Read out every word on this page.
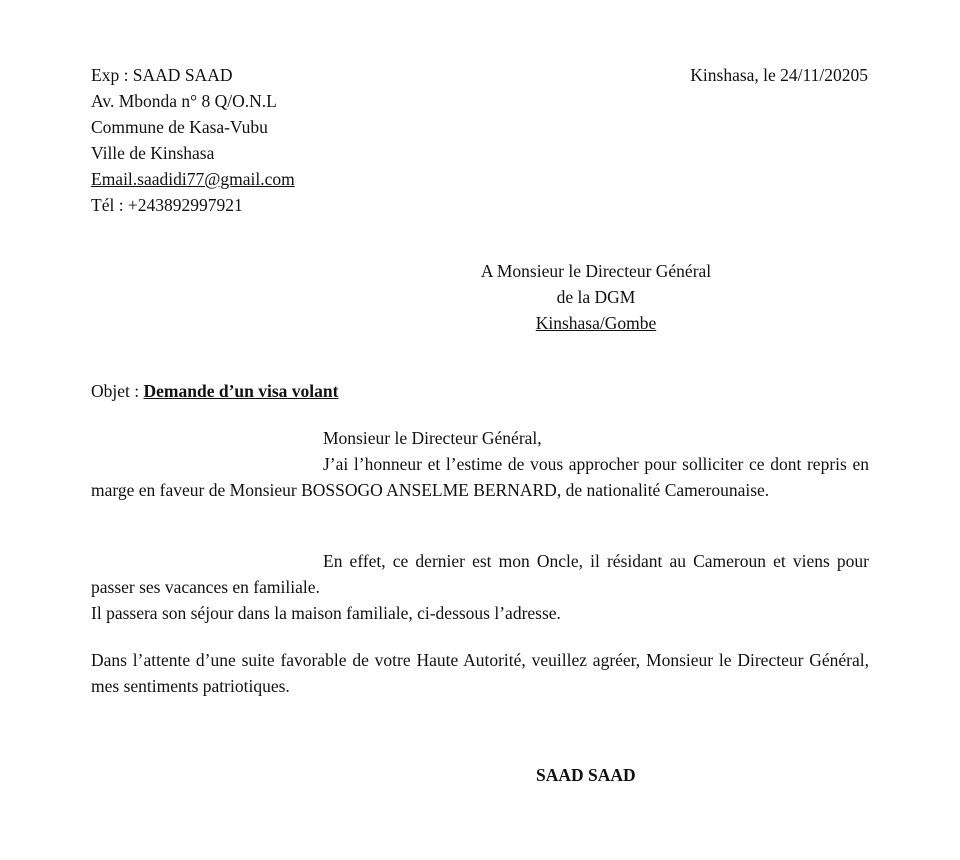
Exp : SAAD SAAD
Av. Mbonda n° 8 Q/O.N.L
Commune de Kasa-Vubu
Ville de Kinshasa
Email.saadidi77@gmail.com
Tél : +243892997921
Kinshasa, le 24/11/20205
A Monsieur le Directeur Général
de la DGM
Kinshasa/Gombe
Objet : Demande d’un visa volant
Monsieur le Directeur Général,
J’ai l’honneur et l’estime de vous approcher pour solliciter ce dont repris en marge en faveur de Monsieur BOSSOGO ANSELME BERNARD, de nationalité Camerounaise.
En effet, ce dernier est mon Oncle, il résidant au Cameroun et viens pour passer ses vacances en familiale.
Il passera son séjour dans la maison familiale, ci-dessous l’adresse.
Dans l’attente d’une suite favorable de votre Haute Autorité, veuillez agréer, Monsieur le Directeur Général, mes sentiments patriotiques.
SAAD SAAD
